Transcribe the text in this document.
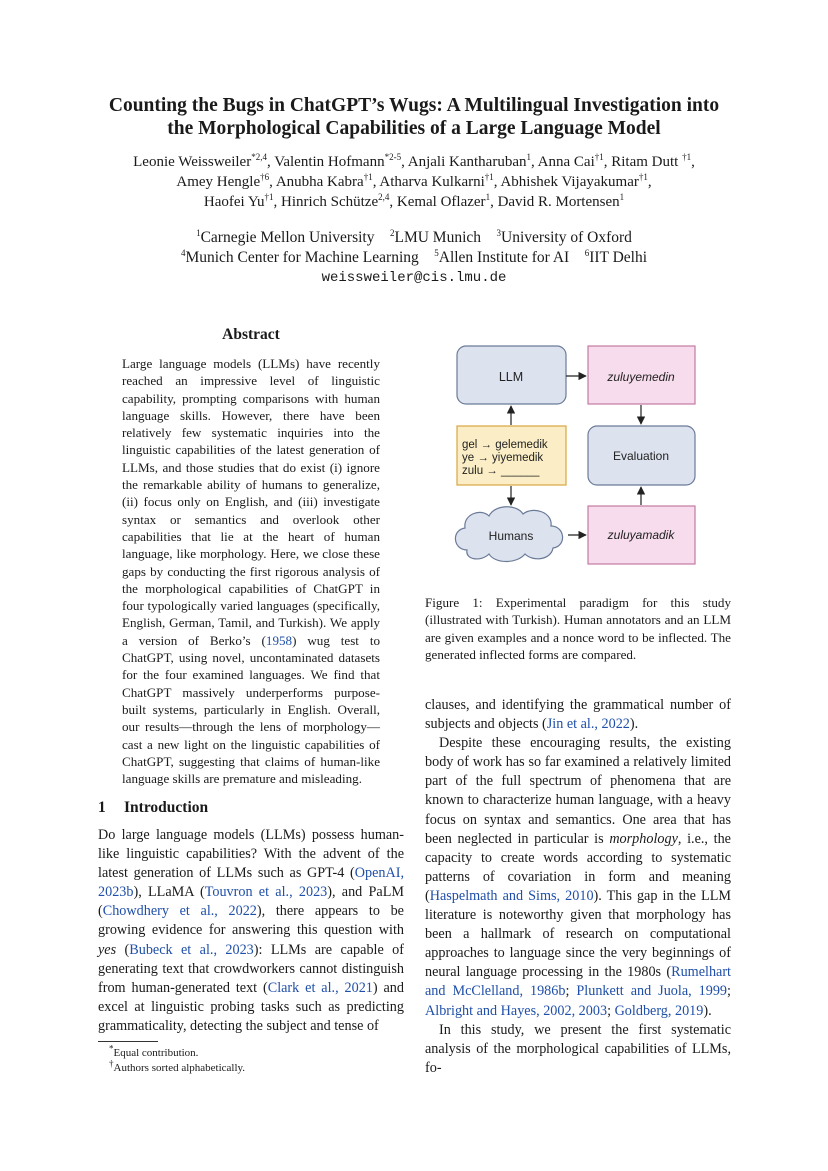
Counting the Bugs in ChatGPT’s Wugs: A Multilingual Investigation into
the Morphological Capabilities of a Large Language Model
Leonie Weissweiler$^{*2,4}$, Valentin Hofmann$^{*2-5}$, Anjali Kantharuban$^1$, Anna Cai$^{\dagger 1}$, Ritam Dutt $^{\dagger 1}$,
Amey Hengle$^{\dagger 6}$, Anubha Kabra$^{\dagger 1}$, Atharva Kulkarni$^{\dagger 1}$, Abhishek Vijayakumar$^{\dagger 1}$,
Haofei Yu$^{\dagger 1}$, Hinrich Schütze$^{2,4}$, Kemal Oflazer$^1$, David R. Mortensen$^1$
$^1$Carnegie Mellon University $^2$LMU Munich $^3$University of Oxford
$^4$Munich Center for Machine Learning $^5$Allen Institute for AI $^6$IIT Delhi
weissweiler@cis.lmu.de
Abstract
Large language models (LLMs) have recently reached an impressive level of linguistic capability, prompting comparisons with human language skills. However, there have been relatively few systematic inquiries into the linguistic capabilities of the latest generation of LLMs, and those studies that do exist (i) ignore the remarkable ability of humans to generalize, (ii) focus only on English, and (iii) investigate syntax or semantics and overlook other capabilities that lie at the heart of human language, like morphology. Here, we close these gaps by conducting the first rigorous analysis of the morphological capabilities of ChatGPT in four typologically varied languages (specifically, English, German, Tamil, and Turkish). We apply a version of Berko’s (1958) wug test to ChatGPT, using novel, uncontaminated datasets for the four examined languages. We find that ChatGPT massively underperforms purpose-built systems, particularly in English. Overall, our results—through the lens of morphology—cast a new light on the linguistic capabilities of ChatGPT, suggesting that claims of human-like language skills are premature and misleading.
1 Introduction

Do large language models (LLMs) possess human-like linguistic capabilities? With the advent of the latest generation of LLMs such as GPT-4 (OpenAI, 2023b), LLaMA (Touvron et al., 2023), and PaLM (Chowdhery et al., 2022), there appears to be growing evidence for answering this question with yes (Bubeck et al., 2023): LLMs are capable of generating text that crowdworkers cannot distinguish from human-generated text (Clark et al., 2021) and excel at linguistic probing tasks such as predicting grammaticality, detecting the subject and tense of

*Equal contribution.
†Authors sorted alphabetically.
LLM	zuluyemedin
gel → gelemedik
ye → yiyemedik
zulu → ______
Evaluation
Humans	zuluyamadik
Figure 1: Experimental paradigm for this study (illustrated with Turkish). Human annotators and an LLM are given examples and a nonce word to be inflected. The generated inflected forms are compared.

clauses, and identifying the grammatical number of subjects and objects (Jin et al., 2022).

Despite these encouraging results, the existing body of work has so far examined a relatively limited part of the full spectrum of phenomena that are known to characterize human language, with a heavy focus on syntax and semantics. One area that has been neglected in particular is morphology, i.e., the capacity to create words according to systematic patterns of covariation in form and meaning (Haspelmath and Sims, 2010). This gap in the LLM literature is noteworthy given that morphology has been a hallmark of research on computational approaches to language since the very beginnings of neural language processing in the 1980s (Rumelhart and McClelland, 1986b; Plunkett and Juola, 1999; Albright and Hayes, 2002, 2003; Goldberg, 2019).

In this study, we present the first systematic analysis of the morphological capabilities of LLMs, fo-
